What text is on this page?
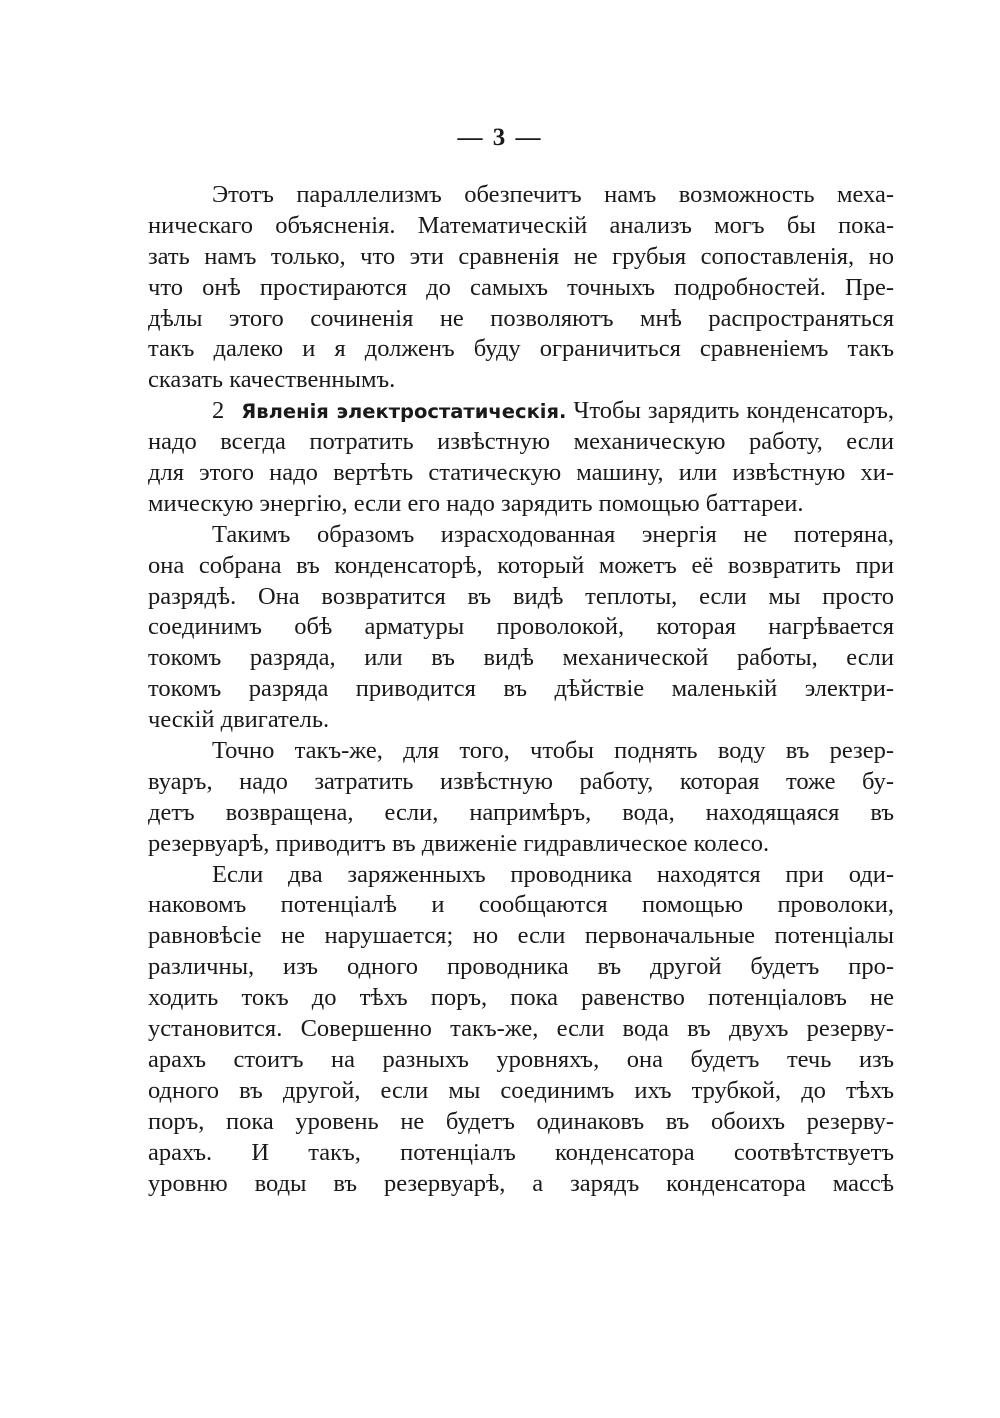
— 3 —
Этотъ параллелизмъ обезпечитъ намъ возможность меха-
ническаго объясненія. Математическій анализъ могъ бы пока-
зать намъ только, что эти сравненія не грубыя сопоставленія, но
что онѣ простираются до самыхъ точныхъ подробностей. Пре-
дѣлы этого сочиненія не позволяютъ мнѣ распространяться
такъ далеко и я долженъ буду ограничиться сравненіемъ такъ
сказать качественнымъ.
2 Явленія электростатическія. Чтобы зарядить конденсаторъ,
надо всегда потратить извѣстную механическую работу, если
для этого надо вертѣть статическую машину, или извѣстную хи-
мическую энергію, если его надо зарядить помощью баттареи.
Такимъ образомъ израсходованная энергія не потеряна,
она собрана въ конденсаторѣ, который можетъ её возвратить при
разрядѣ. Она возвратится въ видѣ теплоты, если мы просто
соединимъ обѣ арматуры проволокой, которая нагрѣвается
токомъ разряда, или въ видѣ механической работы, если
токомъ разряда приводится въ дѣйствіе маленькій электри-
ческій двигатель.
Точно такъ-же, для того, чтобы поднять воду въ резер-
вуаръ, надо затратить извѣстную работу, которая тоже бу-
детъ возвращена, если, напримѣръ, вода, находящаяся въ
резервуарѣ, приводитъ въ движеніе гидравлическое колесо.
Если два заряженныхъ проводника находятся при оди-
наковомъ потенціалѣ и сообщаются помощью проволоки,
равновѣсіе не нарушается; но если первоначальные потенціалы
различны, изъ одного проводника въ другой будетъ про-
ходить токъ до тѣхъ поръ, пока равенство потенціаловъ не
установится. Совершенно такъ-же, если вода въ двухъ резерву-
арахъ стоитъ на разныхъ уровняхъ, она будетъ течь изъ
одного въ другой, если мы соединимъ ихъ трубкой, до тѣхъ
поръ, пока уровень не будетъ одинаковъ въ обоихъ резерву-
арахъ. И такъ, потенціалъ конденсатора соотвѣтствуетъ
уровню воды въ резервуарѣ, а зарядъ конденсатора массѣ
